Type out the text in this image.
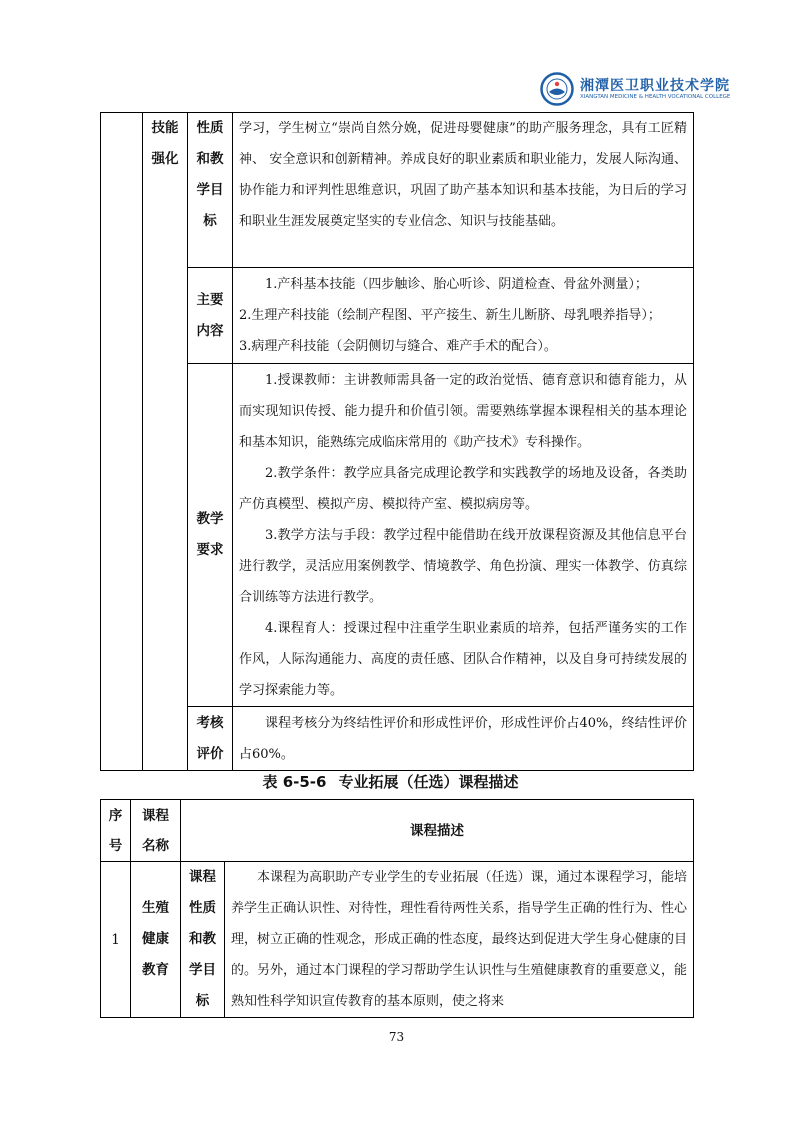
湘潭医卫职业技术学院
XIANGTAN MEDICINE & HEALTH VOCATIONAL COLLEGE

	技能强化	性质和教学目标	学习，学生树立“崇尚自然分娩，促进母婴健康”的助产服务理念，具有工匠精神、 安全意识和创新精神。养成良好的职业素质和职业能力，发展人际沟通、协作能力和评判性思维意识，巩固了助产基本知识和基本技能，为日后的学习和职业生涯发展奠定坚实的专业信念、知识与技能基础。

		主要内容	1.产科基本技能（四步触诊、胎心听诊、阴道检查、骨盆外测量）；

2.生理产科技能（绘制产程图、平产接生、新生儿断脐、母乳喂养指导）；

3.病理产科技能（会阴侧切与缝合、难产手术的配合）。

		教学要求	1.授课教师：主讲教师需具备一定的政治觉悟、德育意识和德育能力，从而实现知识传授、能力提升和价值引领。需要熟练掌握本课程相关的基本理论和基本知识，能熟练完成临床常用的《助产技术》专科操作。

2.教学条件：教学应具备完成理论教学和实践教学的场地及设备，各类助产仿真模型、模拟产房、模拟待产室、模拟病房等。

3.教学方法与手段：教学过程中能借助在线开放课程资源及其他信息平台进行教学，灵活应用案例教学、情境教学、角色扮演、理实一体教学、仿真综合训练等方法进行教学。

4.课程育人：授课过程中注重学生职业素质的培养，包括严谨务实的工作作风，人际沟通能力、高度的责任感、团队合作精神，以及自身可持续发展的学习探索能力等。

		考核评价	课程考核分为终结性评价和形成性评价，形成性评价占40%，终结性评价占60%。

表 6-5-6 专业拓展（任选）课程描述
序号	课程名称	课程描述	

1	生殖健康教育	课程性质和教学目标	本课程为高职助产专业学生的专业拓展（任选）课，通过本课程学习，能培养学生正确认识性、对待性，理性看待两性关系，指导学生正确的性行为、性心理，树立正确的性观念，形成正确的性态度，最终达到促进大学生身心健康的目的。另外，通过本门课程的学习帮助学生认识性与生殖健康教育的重要意义，能熟知性科学知识宣传教育的基本原则，使之将来

73
